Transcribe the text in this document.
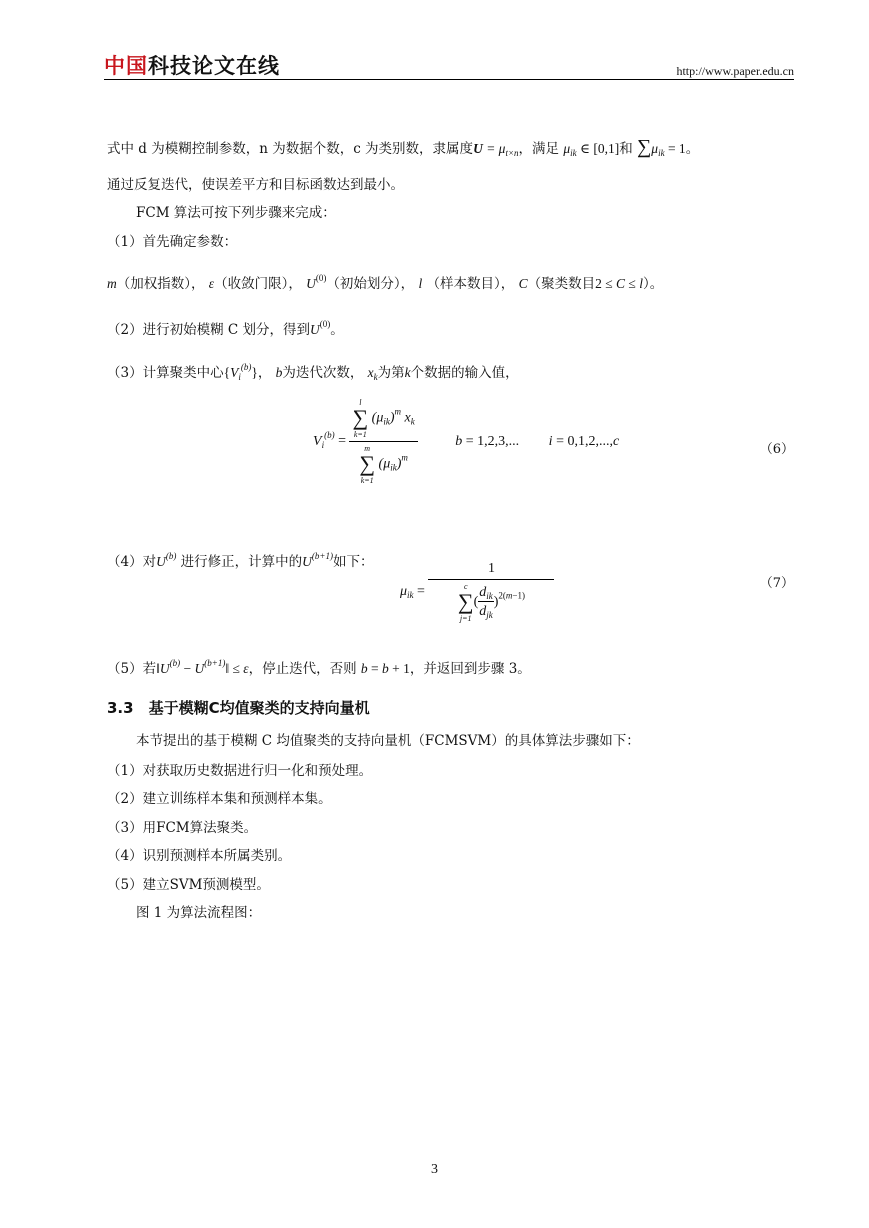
中国科技论文在线	http://www.paper.edu.cn
式中 d 为模糊控制参数，n 为数据个数，c 为类别数，隶属度$U = \mu_{t\times n}$，满足 $\mu_{ik}$ ∈ [0,1]和 $\sum\mu_{ik} = 1$。
通过反复迭代，使误差平方和目标函数达到最小。
FCM 算法可按下列步骤来完成：
（1）首先确定参数：
m（加权指数）， ε（收敛门限）， $U^{(0)}$（初始划分）， l （样本数目）， C（聚类数目2 ≤ C ≤ l）。
（2）进行初始模糊 C 划分，得到$U^{(0)}$。
（3）计算聚类中心$\{V_i^{(b)}\}$， b为迭代次数， $x_k$为第k个数据的输入值，
$V_i^{(b)} = l$
∑
k=1
$(\mu_{ik})^m$ $x_k$
m
∑
k=1
$(\mu_{ik})^m$	b = 1,2,3,... i = 0,1,2,...,c
（6）
（4）对$U^{(b)}$ 进行修正，计算中的$U^{(b+1)}$如下：
$\mu_{ik} = 1$
c
∑
j=1
( $\frac{d_{ik}}{d_{jk}} )^{2(m-1)}$	（7）
（5）若$‖U^{(b)}$ − $U^{(b+1)}‖ \le \varepsilon$，停止迭代，否则 b = b + 1，并返回到步骤 3。
3.3　基于模糊C均值聚类的支持向量机
本节提出的基于模糊 C 均值聚类的支持向量机（FCMSVM）的具体算法步骤如下：
（1）对获取历史数据进行归一化和预处理。
（2）建立训练样本集和预测样本集。
（3）用FCM算法聚类。
（4）识别预测样本所属类别。
（5）建立SVM预测模型。
图 1 为算法流程图：
3
